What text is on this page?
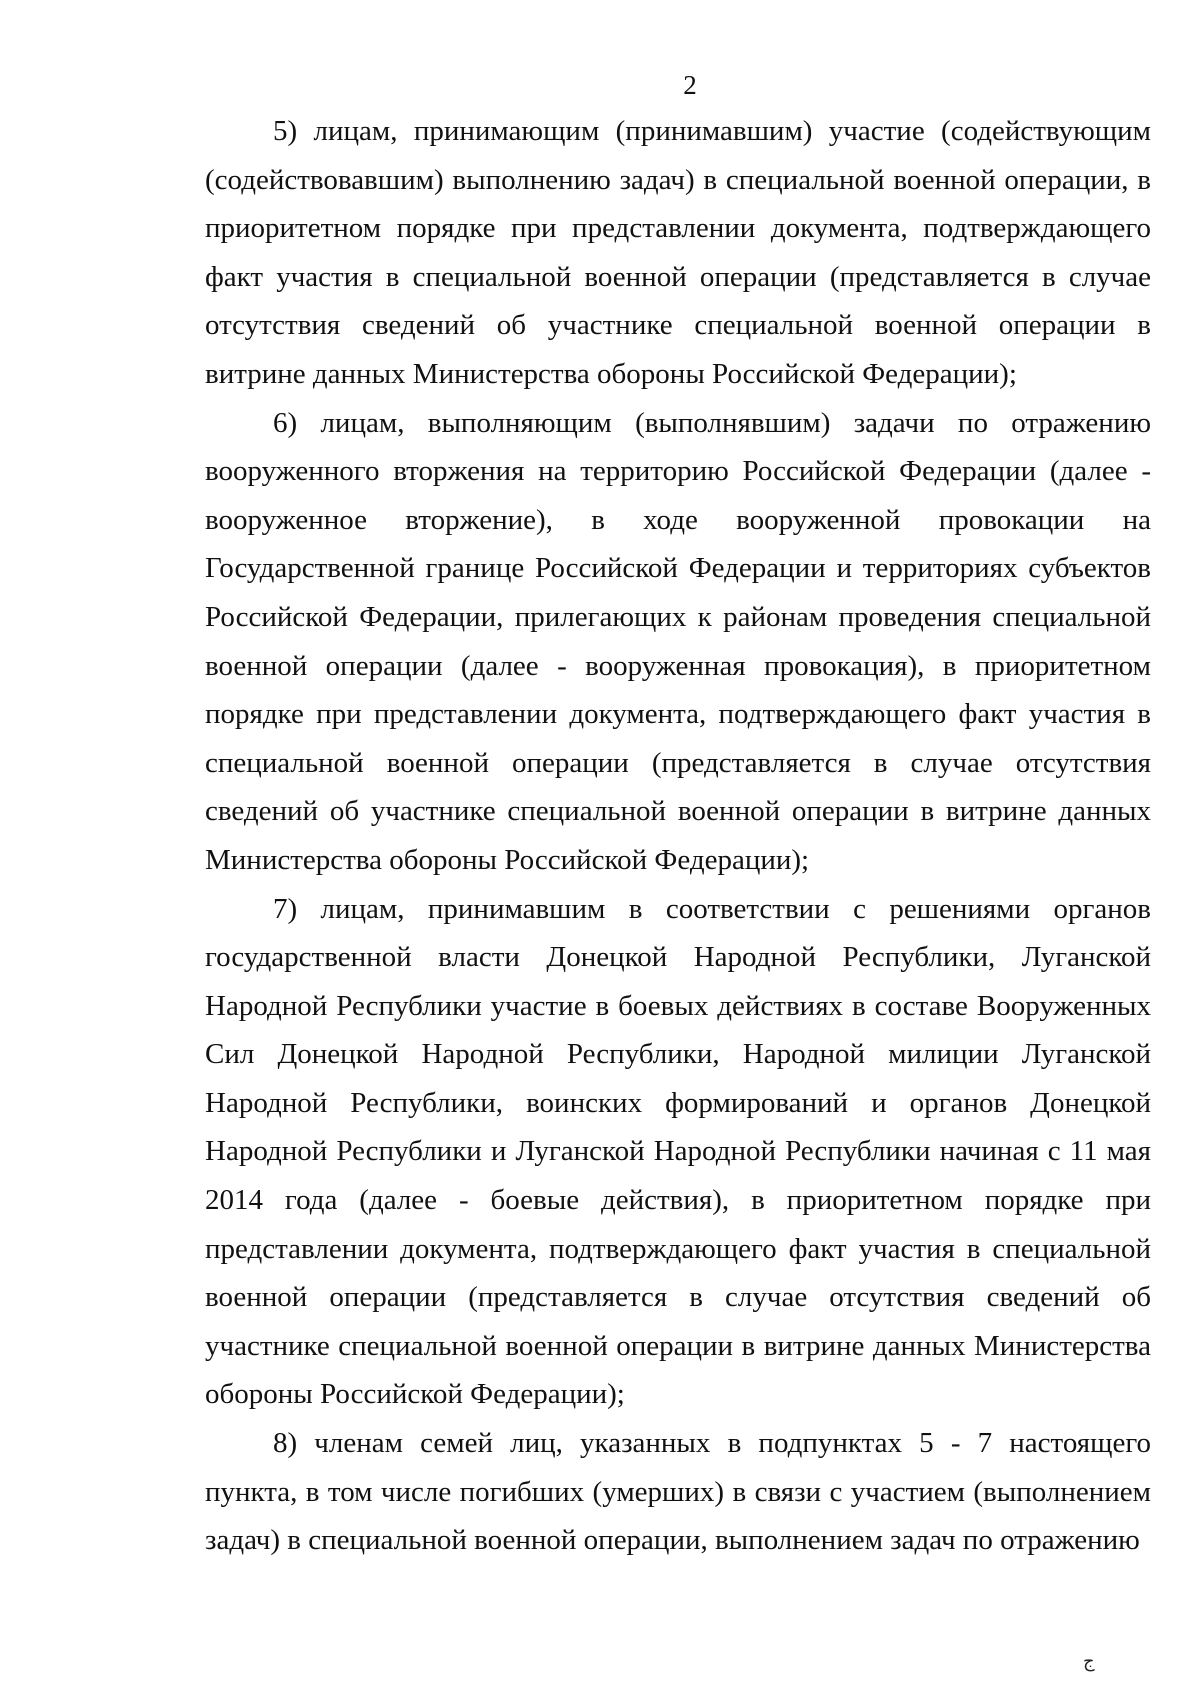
2

5) лицам, принимающим (принимавшим) участие (содействующим (содействовавшим) выполнению задач) в специальной военной операции, в приоритетном порядке при представлении документа, подтверждающего факт участия в специальной военной операции (представляется в случае отсутствия сведений об участнике специальной военной операции в витрине данных Министерства обороны Российской Федерации);

6) лицам, выполняющим (выполнявшим) задачи по отражению вооруженного вторжения на территорию Российской Федерации (далее - вооруженное вторжение), в ходе вооруженной провокации на Государственной границе Российской Федерации и территориях субъектов Российской Федерации, прилегающих к районам проведения специальной военной операции (далее - вооруженная провокация), в приоритетном порядке при представлении документа, подтверждающего факт участия в специальной военной операции (представляется в случае отсутствия сведений об участнике специальной военной операции в витрине данных Министерства обороны Российской Федерации);

7) лицам, принимавшим в соответствии с решениями органов государственной власти Донецкой Народной Республики, Луганской Народной Республики участие в боевых действиях в составе Вооруженных Сил Донецкой Народной Республики, Народной милиции Луганской Народной Республики, воинских формирований и органов Донецкой Народной Республики и Луганской Народной Республики начиная с 11 мая 2014 года (далее - боевые действия), в приоритетном порядке при представлении документа, подтверждающего факт участия в специальной военной операции (представляется в случае отсутствия сведений об участнике специальной военной операции в витрине данных Министерства обороны Российской Федерации);

8) членам семей лиц, указанных в подпунктах 5 - 7 настоящего пункта, в том числе погибших (умерших) в связи с участием (выполнением задач) в специальной военной операции, выполнением задач по отражению

ج
